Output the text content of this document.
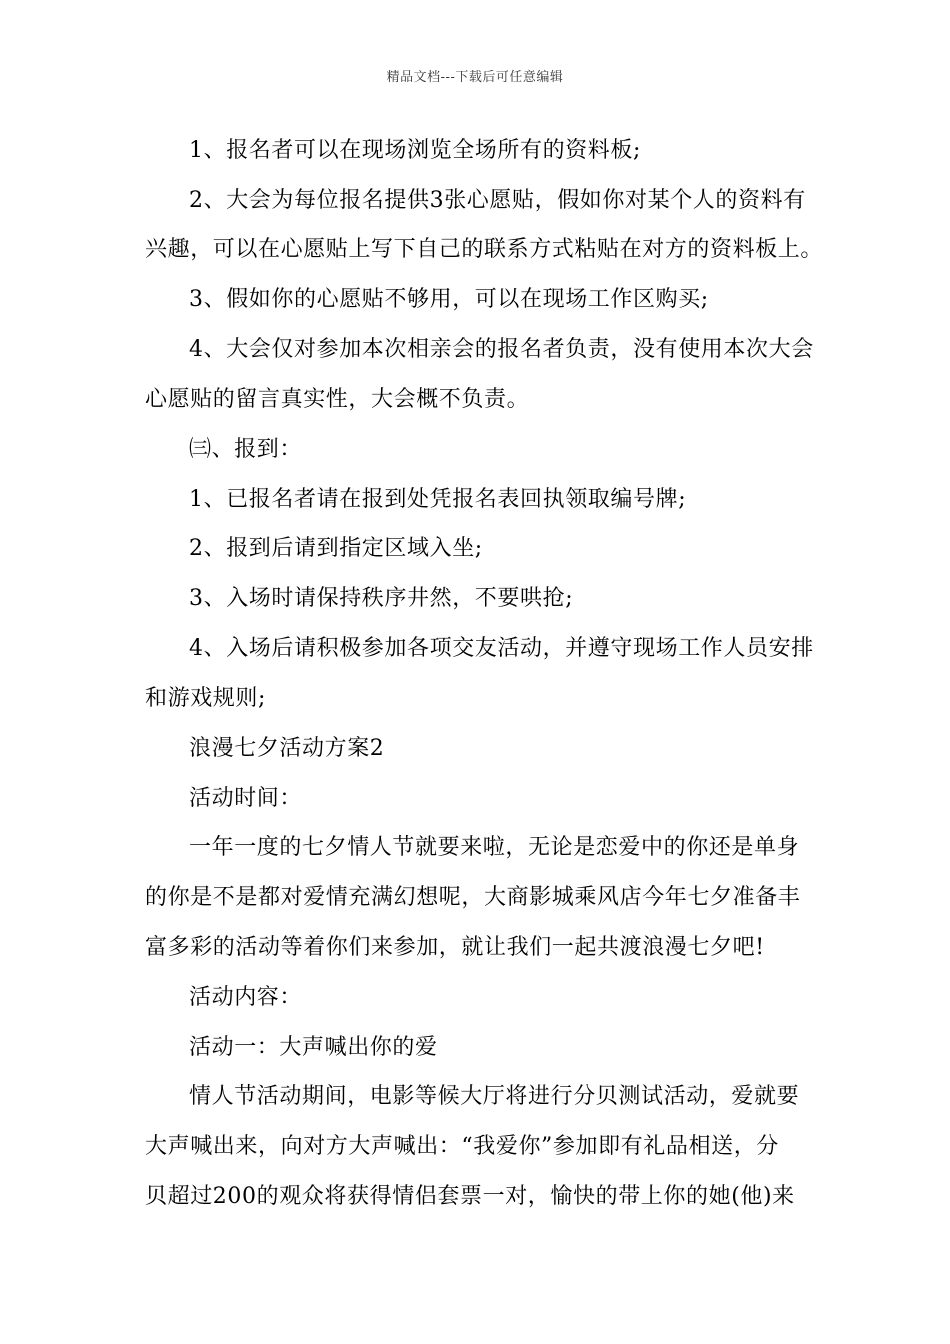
精品文档---下载后可任意编辑
1、报名者可以在现场浏览全场所有的资料板;
2、大会为每位报名提供3张心愿贴，假如你对某个人的资料有
兴趣，可以在心愿贴上写下自己的联系方式粘贴在对方的资料板上。
3、假如你的心愿贴不够用，可以在现场工作区购买;
4、大会仅对参加本次相亲会的报名者负责，没有使用本次大会
心愿贴的留言真实性，大会概不负责。
㈢、报到：
1、已报名者请在报到处凭报名表回执领取编号牌;
2、报到后请到指定区域入坐;
3、入场时请保持秩序井然，不要哄抢;
4、入场后请积极参加各项交友活动，并遵守现场工作人员安排
和游戏规则;
浪漫七夕活动方案2
活动时间：
一年一度的七夕情人节就要来啦，无论是恋爱中的你还是单身
的你是不是都对爱情充满幻想呢，大商影城乘风店今年七夕准备丰
富多彩的活动等着你们来参加，就让我们一起共渡浪漫七夕吧!
活动内容：
活动一：大声喊出你的爱
情人节活动期间，电影等候大厅将进行分贝测试活动，爱就要
大声喊出来，向对方大声喊出：“我爱你”参加即有礼品相送，分
贝超过200的观众将获得情侣套票一对，愉快的带上你的她(他)来
